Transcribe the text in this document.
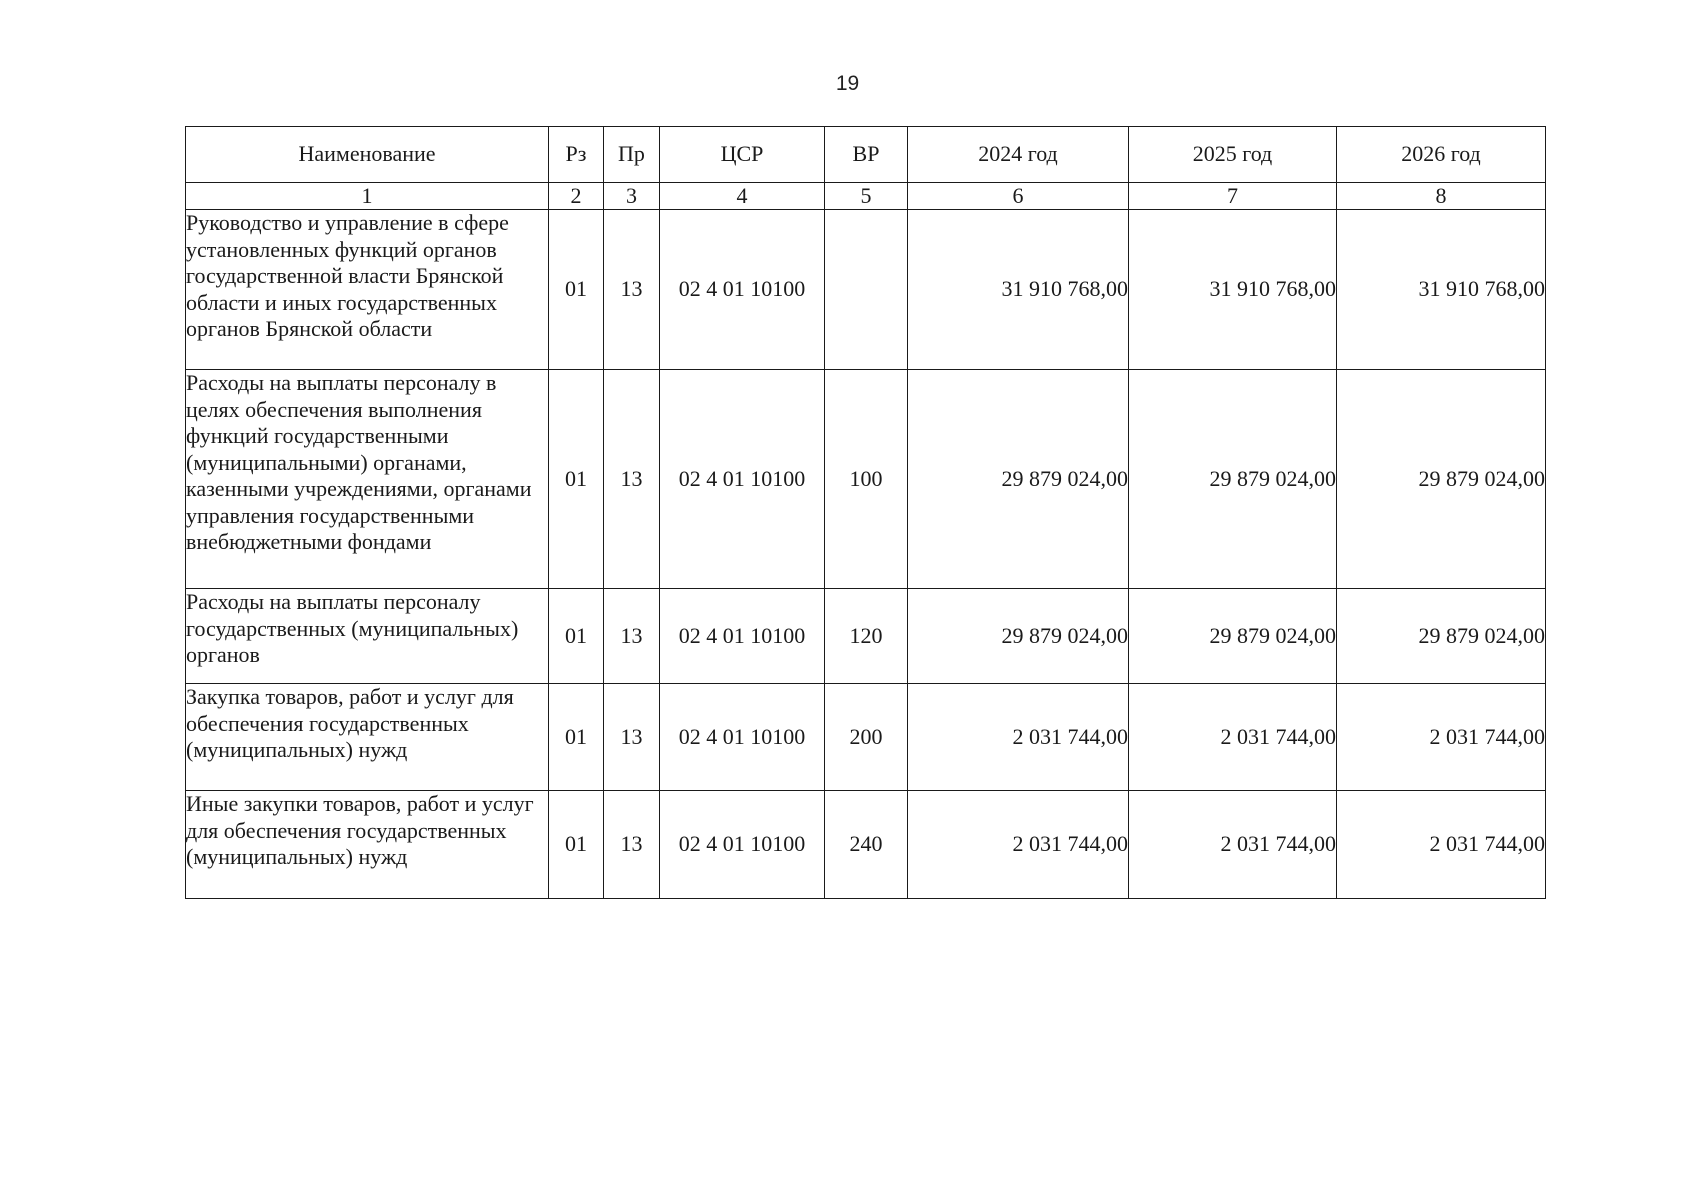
19
Наименование	Рз	Пр	ЦСР	ВР	2024 год	2025 год	2026 год
1	2	3	4	5	6	7	8
Руководство и управление в сфере установленных функций органов государственной власти Брянской области и иных государственных органов Брянской области	01	13	02 4 01 10100		31 910 768,00	31 910 768,00	31 910 768,00
Расходы на выплаты персоналу в целях обеспечения выполнения функций государственными (муниципальными) органами, казенными учреждениями, органами управления государственными внебюджетными фондами	01	13	02 4 01 10100	100	29 879 024,00	29 879 024,00	29 879 024,00
Расходы на выплаты персоналу государственных (муниципальных) органов	01	13	02 4 01 10100	120	29 879 024,00	29 879 024,00	29 879 024,00
Закупка товаров, работ и услуг для обеспечения государственных (муниципальных) нужд	01	13	02 4 01 10100	200	2 031 744,00	2 031 744,00	2 031 744,00
Иные закупки товаров, работ и услуг для обеспечения государственных (муниципальных) нужд	01	13	02 4 01 10100	240	2 031 744,00	2 031 744,00	2 031 744,00
